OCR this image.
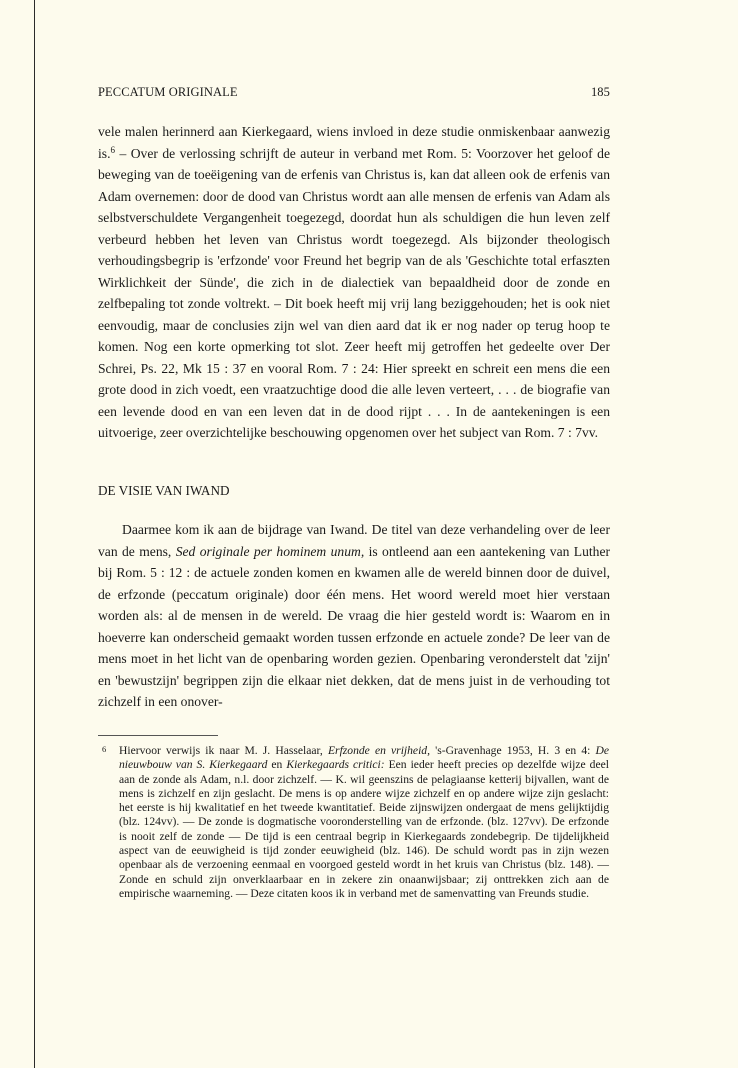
PECCATUM ORIGINALE	185

vele malen herinnerd aan Kierkegaard, wiens invloed in deze studie onmiskenbaar aanwezig is.$^6$ – Over de verlossing schrijft de auteur in verband met Rom. 5: Voorzover het geloof de beweging van de toeëigening van de erfenis van Christus is, kan dat alleen ook de erfenis van Adam overnemen: door de dood van Christus wordt aan alle mensen de erfenis van Adam als selbstverschuldete Vergangenheit toegezegd, doordat hun als schuldigen die hun leven zelf verbeurd hebben het leven van Christus wordt toegezegd. Als bijzonder theologisch verhoudingsbegrip is 'erfzonde' voor Freund het begrip van de als 'Geschichte total erfaszten Wirklichkeit der Sünde', die zich in de dialectiek van bepaaldheid door de zonde en zelfbepaling tot zonde voltrekt. – Dit boek heeft mij vrij lang beziggehouden; het is ook niet eenvoudig, maar de conclusies zijn wel van dien aard dat ik er nog nader op terug hoop te komen. Nog een korte opmerking tot slot. Zeer heeft mij getroffen het gedeelte over Der Schrei, Ps. 22, Mk 15 : 37 en vooral Rom. 7 : 24: Hier spreekt en schreit een mens die een grote dood in zich voedt, een vraatzuchtige dood die alle leven verteert, . . . de biografie van een levende dood en van een leven dat in de dood rijpt . . . In de aantekeningen is een uitvoerige, zeer overzichtelijke beschouwing opgenomen over het subject van Rom. 7 : 7vv.

DE VISIE VAN IWAND

Daarmee kom ik aan de bijdrage van Iwand. De titel van deze verhandeling over de leer van de mens, Sed originale per hominem unum, is ontleend aan een aantekening van Luther bij Rom. 5 : 12 : de actuele zonden komen en kwamen alle de wereld binnen door de duivel, de erfzonde (peccatum originale) door één mens. Het woord wereld moet hier verstaan worden als: al de mensen in de wereld. De vraag die hier gesteld wordt is: Waarom en in hoeverre kan onderscheid gemaakt worden tussen erfzonde en actuele zonde? De leer van de mens moet in het licht van de openbaring worden gezien. Openbaring veronderstelt dat 'zijn' en 'bewustzijn' begrippen zijn die elkaar niet dekken, dat de mens juist in de verhouding tot zichzelf in een onover-

6 Hiervoor verwijs ik naar M. J. Hasselaar, Erfzonde en vrijheid, 's-Gravenhage 1953, H. 3 en 4: De nieuwbouw van S. Kierkegaard en Kierkegaards critici: Een ieder heeft precies op dezelfde wijze deel aan de zonde als Adam, n.l. door zichzelf. — K. wil geenszins de pelagiaanse ketterij bijvallen, want de mens is zichzelf en zijn geslacht. De mens is op andere wijze zichzelf en op andere wijze zijn geslacht: het eerste is hij kwalitatief en het tweede kwantitatief. Beide zijnswijzen ondergaat de mens gelijktijdig (blz. 124vv). — De zonde is dogmatische vooronderstelling van de erfzonde. (blz. 127vv). De erfzonde is nooit zelf de zonde — De tijd is een centraal begrip in Kierkegaards zondebegrip. De tijdelijkheid aspect van de eeuwigheid is tijd zonder eeuwigheid (blz. 146). De schuld wordt pas in zijn wezen openbaar als de verzoening eenmaal en voorgoed gesteld wordt in het kruis van Christus (blz. 148). — Zonde en schuld zijn onverklaarbaar en in zekere zin onaanwijsbaar; zij onttrekken zich aan de empirische waarneming. — Deze citaten koos ik in verband met de samenvatting van Freunds studie.
